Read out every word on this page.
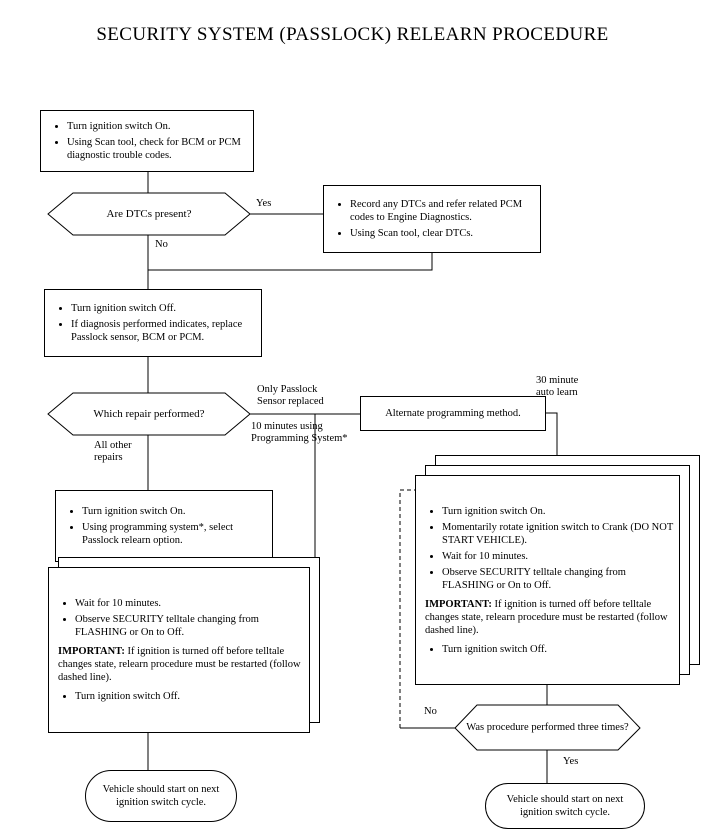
SECURITY SYSTEM (PASSLOCK) RELEARN PROCEDURE
• Turn ignition switch On.
• Using Scan tool, check for BCM or PCM diagnostic trouble codes.
Are DTCs present?
• Record any DTCs and refer related PCM codes to Engine Diagnostics.
• Using Scan tool, clear DTCs.
• Turn ignition switch Off.
• If diagnosis performed indicates, replace Passlock sensor, BCM or PCM.
Which repair performed?	Alternate programming method.
• Turn ignition switch On.
• Using programming system*, select Passlock relearn option.
• Wait for 10 minutes.
• Observe SECURITY telltale changing from FLASHING or On to Off.

IMPORTANT: If ignition is turned off before telltale changes state, relearn procedure must be restarted (follow dashed line).

• Turn ignition switch Off.
• Turn ignition switch On.
• Momentarily rotate ignition switch to Crank (DO NOT START VEHICLE).
• Wait for 10 minutes.
• Observe SECURITY telltale changing from FLASHING or On to Off.

IMPORTANT: If ignition is turned off before telltale changes state, relearn procedure must be restarted (follow dashed line).

• Turn ignition switch Off.
Was procedure performed three times?
Vehicle should start on next ignition switch cycle.	Vehicle should start on next ignition switch cycle.
Yes
No
Only Passlock Sensor replaced
10 minutes using Programming System*
All other repairs
30 minute auto learn
No
Yes
